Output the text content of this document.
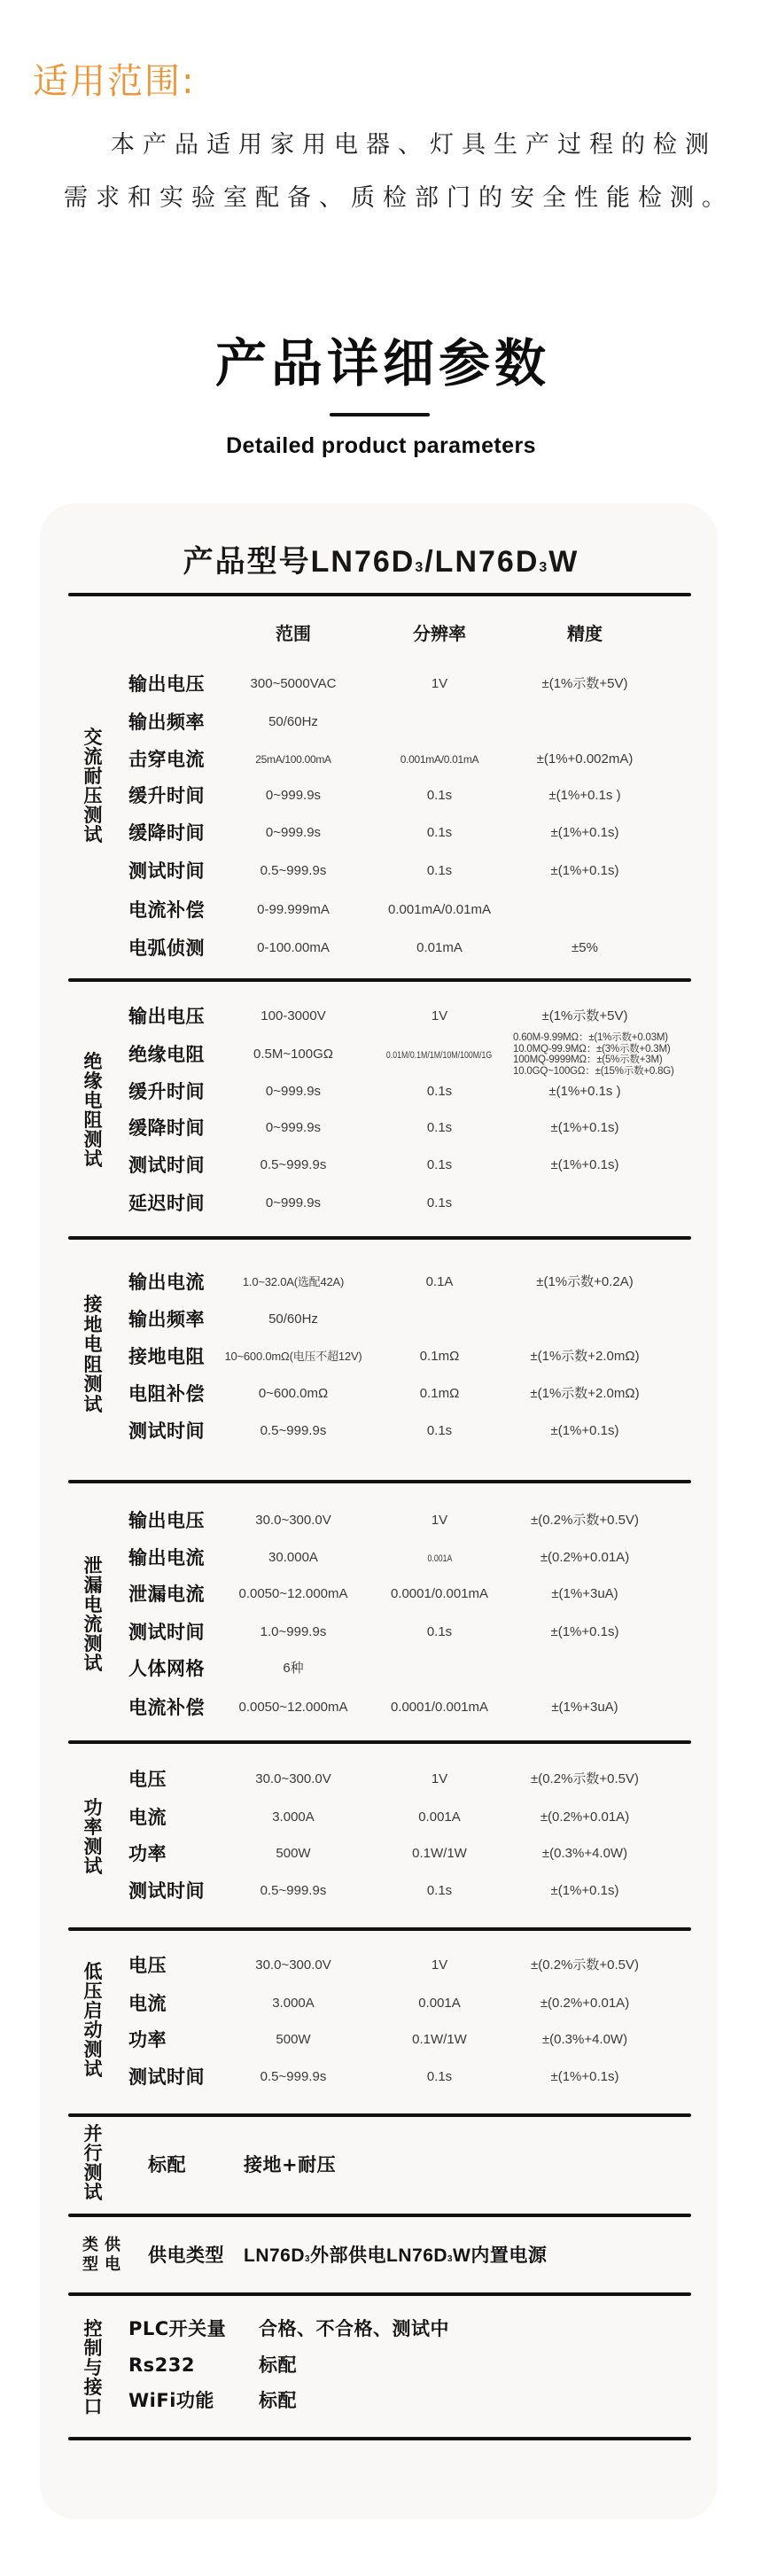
适用范围:
本产品适用家用电器、灯具生产过程的检测
需求和实验室配备、质检部门的安全性能检测。
产品详细参数
Detailed product parameters
产品型号LN76D3/LN76D3W
范围	分辨率	精度
交流耐压测试
输出电压	300~5000VAC	1V	±(1%示数+5V)
输出频率	50/60Hz
击穿电流	25mA/100.00mA	0.001mA/0.01mA	±(1%+0.002mA)
缓升时间	0~999.9s	0.1s	±(1%+0.1s )
缓降时间	0~999.9s	0.1s	±(1%+0.1s)
测试时间	0.5~999.9s	0.1s	±(1%+0.1s)
电流补偿	0-99.999mA	0.001mA/0.01mA
电弧侦测	0-100.00mA	0.01mA	±5%
绝缘电阻测试
输出电压	100-3000V	1V	±(1%示数+5V)
绝缘电阻	0.5M~100GΩ	0.01M/0.1M/1M/10M/100M/1G
0.60M-9.99MΩ：±(1%示数+0.03M)
10.0MQ-99.9MΩ：±(3%示数+0.3M)
100MQ-9999MΩ：±(5%示数+3M)
10.0GQ~100GΩ：±(15%示数+0.8G)
缓升时间	0~999.9s	0.1s	±(1%+0.1s )
缓降时间	0~999.9s	0.1s	±(1%+0.1s)
测试时间	0.5~999.9s	0.1s	±(1%+0.1s)
延迟时间	0~999.9s	0.1s
接地电阻测试
输出电流	1.0~32.0A(选配42A)	0.1A	±(1%示数+0.2A)
输出频率	50/60Hz
接地电阻	10~600.0mΩ(电压不超12V)	0.1mΩ	±(1%示数+2.0mΩ)
电阻补偿	0~600.0mΩ	0.1mΩ	±(1%示数+2.0mΩ)
测试时间	0.5~999.9s	0.1s	±(1%+0.1s)
泄漏电流测试
输出电压	30.0~300.0V	1V	±(0.2%示数+0.5V)
输出电流	30.000A	0.001A	±(0.2%+0.01A)
泄漏电流	0.0050~12.000mA	0.0001/0.001mA	±(1%+3uA)
测试时间	1.0~999.9s	0.1s	±(1%+0.1s)
人体网格	6种
电流补偿	0.0050~12.000mA	0.0001/0.001mA	±(1%+3uA)
功率测试
电压	30.0~300.0V	1V	±(0.2%示数+0.5V)
电流	3.000A	0.001A	±(0.2%+0.01A)
功率	500W	0.1W/1W	±(0.3%+4.0W)
测试时间	0.5~999.9s	0.1s	±(1%+0.1s)
低压启动测试
电压	30.0~300.0V	1V	±(0.2%示数+0.5V)
电流	3.000A	0.001A	±(0.2%+0.01A)
功率	500W	0.1W/1W	±(0.3%+4.0W)
测试时间	0.5~999.9s	0.1s	±(1%+0.1s)
并行测试
标配	接地+耐压
供电类型	供电类型 LN76D3外部供电LN76D3W内置电源
控制与接口
PLC开关量 合格、不合格、测试中
Rs232	标配
WiFi功能 标配
